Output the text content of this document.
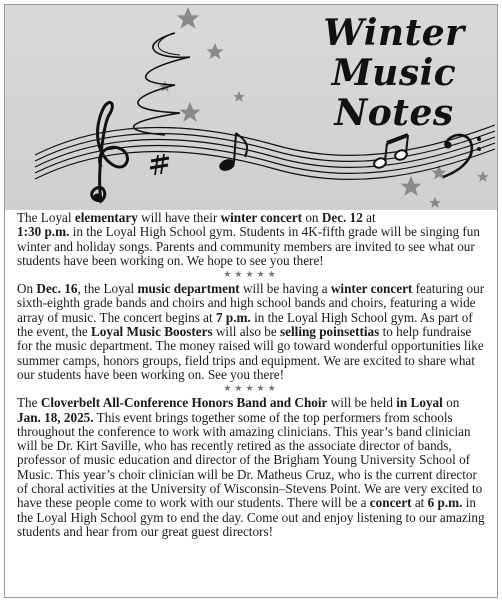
Winter
Music
Notes

The Loyal elementary will have their winter concert on Dec. 12 at
1:30 p.m. in the Loyal High School gym. Students in 4K-fifth grade will be singing fun winter and holiday songs. Parents and community members are invited to see what our students have been working on. We hope to see you there!

★★★★★

On Dec. 16, the Loyal music department will be having a winter concert featuring our sixth-eighth grade bands and choirs and high school bands and choirs, featuring a wide array of music. The concert begins at 7 p.m. in the Loyal High School gym. As part of the event, the Loyal Music Boosters will also be selling poinsettias to help fundraise for the music department. The money raised will go toward wonderful opportunities like summer camps, honors groups, field trips and equipment. We are excited to share what our students have been working on. See you there!

★★★★★

The Cloverbelt All-Conference Honors Band and Choir will be held in Loyal on Jan. 18, 2025. This event brings together some of the top performers from schools throughout the conference to work with amazing clinicians. This year’s band clinician will be Dr. Kirt Saville, who has recently retired as the associate director of bands, professor of music education and director of the Brigham Young University School of Music. This year’s choir clinician will be Dr. Matheus Cruz, who is the current director of choral activities at the University of Wisconsin–Stevens Point. We are very excited to have these people come to work with our students. There will be a concert at 6 p.m. in the Loyal High School gym to end the day. Come out and enjoy listening to our amazing students and hear from our great guest directors!
